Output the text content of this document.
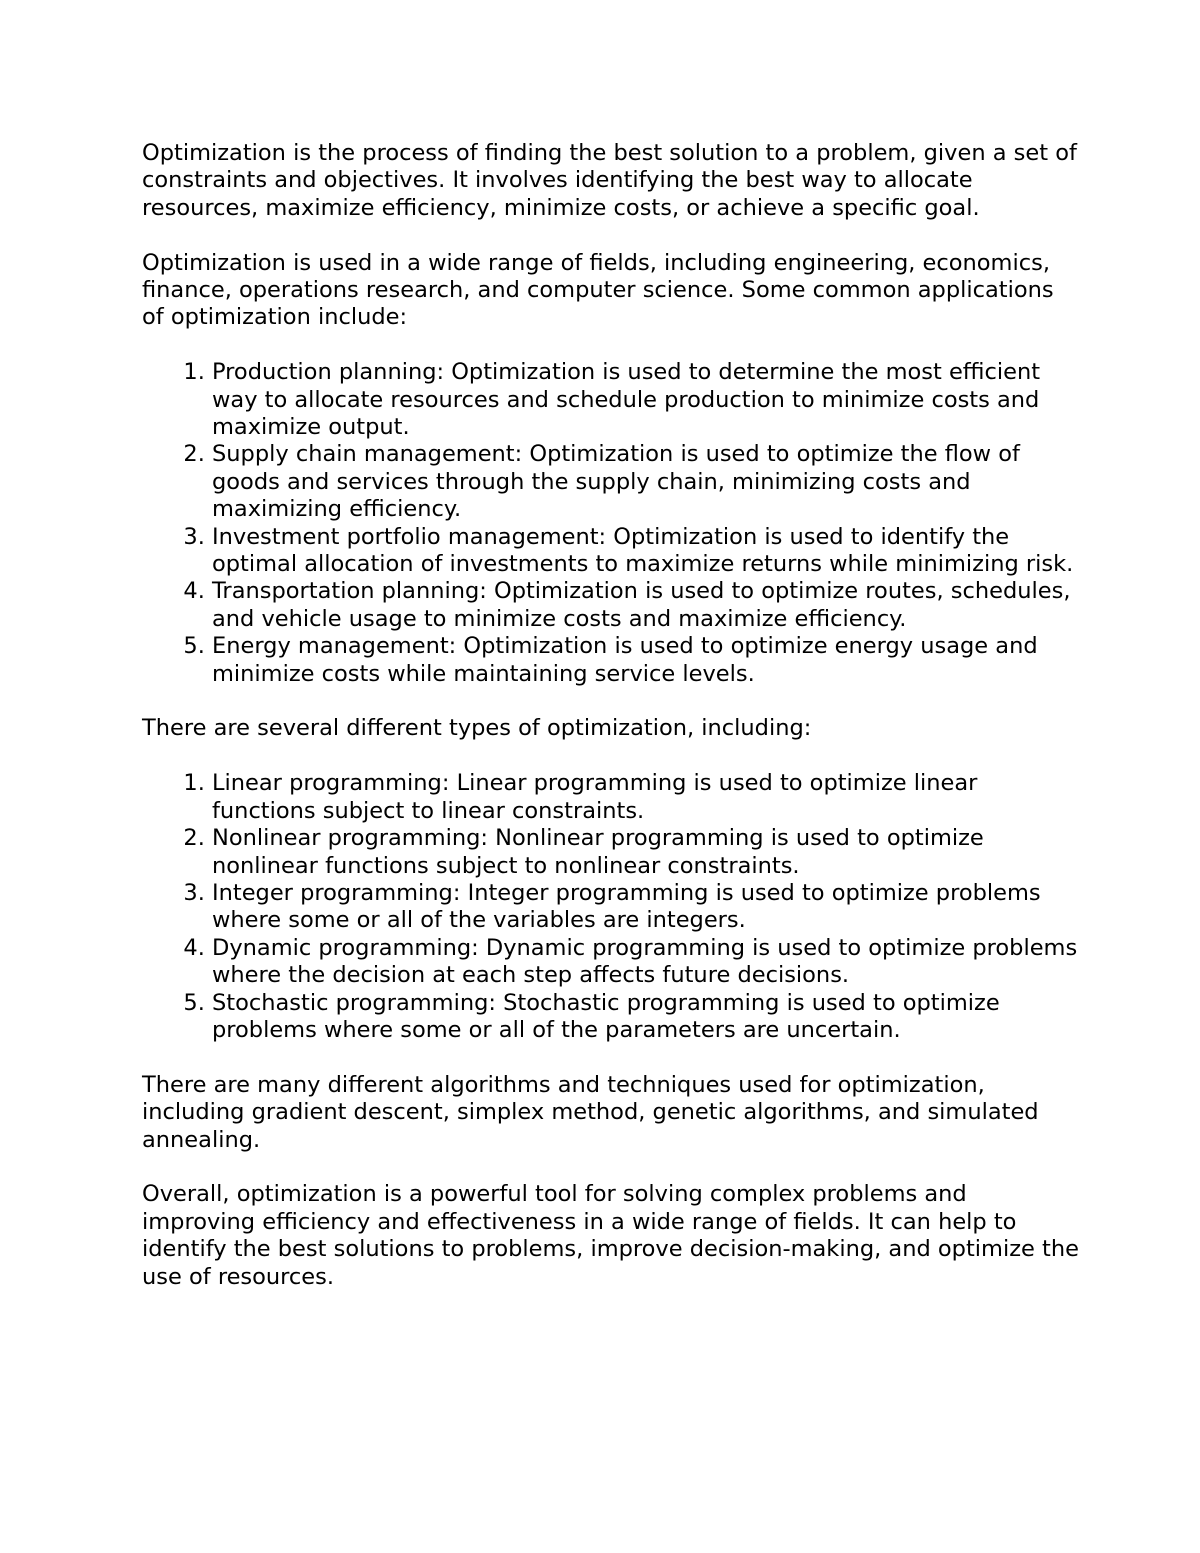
Optimization is the process of finding the best solution to a problem, given a set of constraints and objectives. It involves identifying the best way to allocate resources, maximize efficiency, minimize costs, or achieve a specific goal.

Optimization is used in a wide range of fields, including engineering, economics, finance, operations research, and computer science. Some common applications of optimization include:

1. Production planning: Optimization is used to determine the most efficient way to allocate resources and schedule production to minimize costs and maximize output.
2. Supply chain management: Optimization is used to optimize the flow of goods and services through the supply chain, minimizing costs and maximizing efficiency.
3. Investment portfolio management: Optimization is used to identify the optimal allocation of investments to maximize returns while minimizing risk.
4. Transportation planning: Optimization is used to optimize routes, schedules, and vehicle usage to minimize costs and maximize efficiency.
5. Energy management: Optimization is used to optimize energy usage and minimize costs while maintaining service levels.

There are several different types of optimization, including:

1. Linear programming: Linear programming is used to optimize linear functions subject to linear constraints.
2. Nonlinear programming: Nonlinear programming is used to optimize nonlinear functions subject to nonlinear constraints.
3. Integer programming: Integer programming is used to optimize problems where some or all of the variables are integers.
4. Dynamic programming: Dynamic programming is used to optimize problems where the decision at each step affects future decisions.
5. Stochastic programming: Stochastic programming is used to optimize problems where some or all of the parameters are uncertain.

There are many different algorithms and techniques used for optimization, including gradient descent, simplex method, genetic algorithms, and simulated annealing.

Overall, optimization is a powerful tool for solving complex problems and improving efficiency and effectiveness in a wide range of fields. It can help to identify the best solutions to problems, improve decision-making, and optimize the use of resources.
